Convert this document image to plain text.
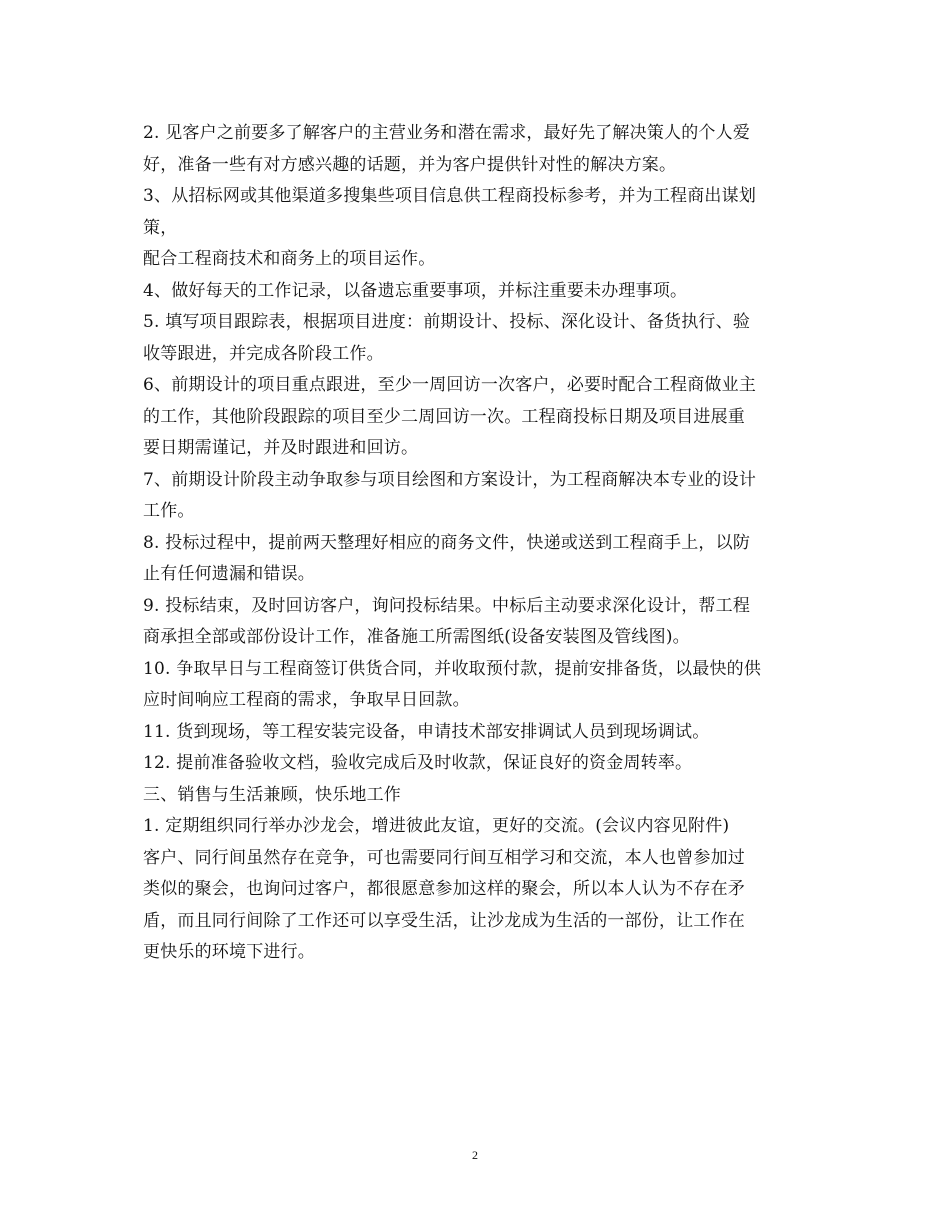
2. 见客户之前要多了解客户的主营业务和潜在需求，最好先了解决策人的个人爱
好，准备一些有对方感兴趣的话题，并为客户提供针对性的解决方案。
3、从招标网或其他渠道多搜集些项目信息供工程商投标参考，并为工程商出谋划
策，
配合工程商技术和商务上的项目运作。
4、做好每天的工作记录，以备遗忘重要事项，并标注重要未办理事项。
5. 填写项目跟踪表，根据项目进度：前期设计、投标、深化设计、备货执行、验
收等跟进，并完成各阶段工作。
6、前期设计的项目重点跟进，至少一周回访一次客户，必要时配合工程商做业主
的工作，其他阶段跟踪的项目至少二周回访一次。工程商投标日期及项目进展重
要日期需谨记，并及时跟进和回访。
7、前期设计阶段主动争取参与项目绘图和方案设计，为工程商解决本专业的设计
工作。
8. 投标过程中，提前两天整理好相应的商务文件，快递或送到工程商手上，以防
止有任何遗漏和错误。
9. 投标结束，及时回访客户，询问投标结果。中标后主动要求深化设计，帮工程
商承担全部或部份设计工作，准备施工所需图纸(设备安装图及管线图)。
10. 争取早日与工程商签订供货合同，并收取预付款，提前安排备货，以最快的供
应时间响应工程商的需求，争取早日回款。
11. 货到现场，等工程安装完设备，申请技术部安排调试人员到现场调试。
12. 提前准备验收文档，验收完成后及时收款，保证良好的资金周转率。
三、销售与生活兼顾，快乐地工作
1. 定期组织同行举办沙龙会，增进彼此友谊，更好的交流。(会议内容见附件)
客户、同行间虽然存在竞争，可也需要同行间互相学习和交流，本人也曾参加过
类似的聚会，也询问过客户，都很愿意参加这样的聚会，所以本人认为不存在矛
盾，而且同行间除了工作还可以享受生活，让沙龙成为生活的一部份，让工作在
更快乐的环境下进行。
2
